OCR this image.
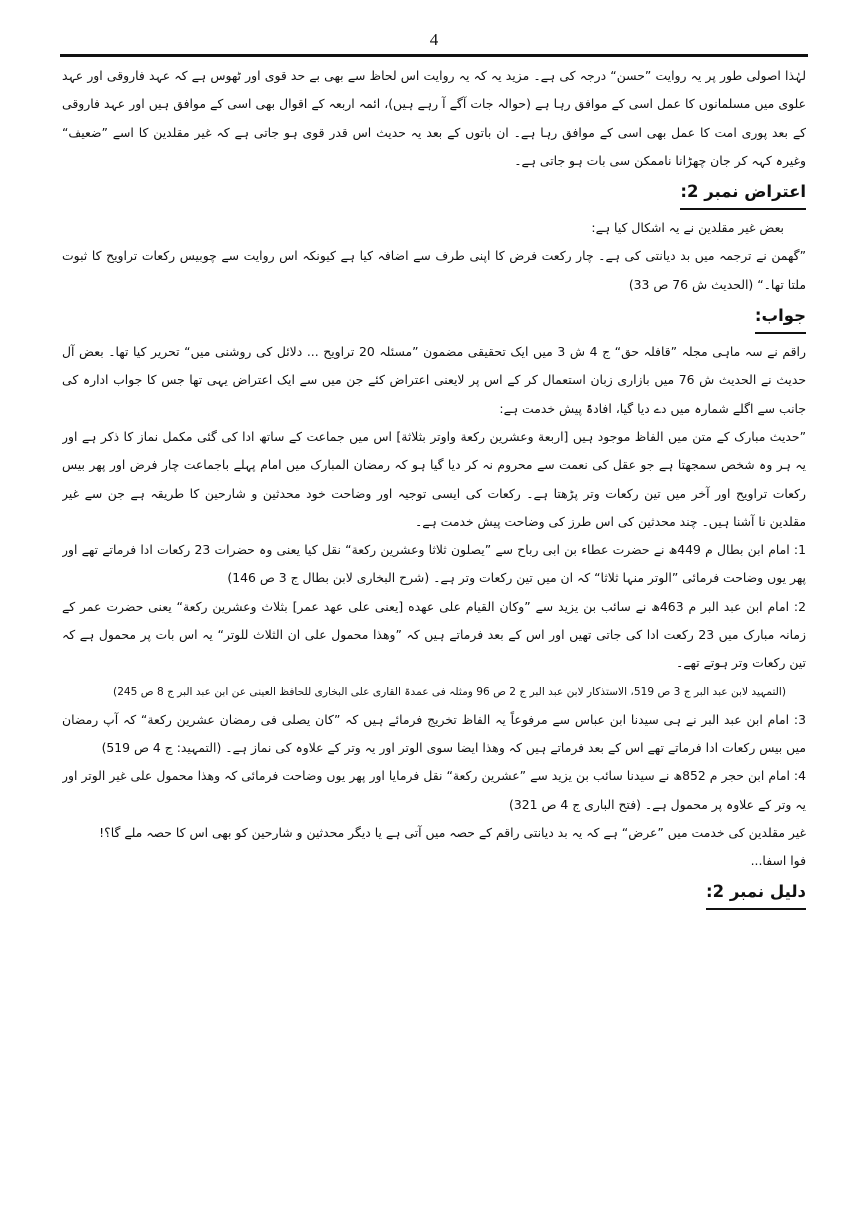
4

لہٰذا اصولی طور پر یہ روایت ”حسن“ درجہ کی ہے۔ مزید یہ کہ یہ روایت اس لحاظ سے بھی بے حد قوی اور ٹھوس ہے کہ عہد فاروقی اور عہد علوی میں مسلمانوں کا عمل اسی کے موافق رہا ہے (حوالہ جات آگے آ رہے ہیں)، ائمہ اربعہ کے اقوال بھی اسی کے موافق ہیں اور عہد فاروقی کے بعد پوری امت کا عمل بھی اسی کے موافق رہا ہے۔ ان باتوں کے بعد یہ حدیث اس قدر قوی ہو جاتی ہے کہ غیر مقلدین کا اسے ”ضعیف“ وغیرہ کہہ کر جان چھڑانا ناممکن سی بات ہو جاتی ہے۔

اعتراض نمبر 2:

بعض غیر مقلدین نے یہ اشکال کیا ہے:

”گھمن نے ترجمہ میں بد دیانتی کی ہے۔ چار رکعت فرض کا اپنی طرف سے اضافہ کیا ہے کیونکہ اس روایت سے چوبیس رکعات تراویح کا ثبوت ملتا تھا۔“ (الحدیث ش 76 ص 33)

جواب:

راقم نے سہ ماہی مجلہ ”قافلہ حق“ ج 4 ش 3 میں ایک تحقیقی مضمون ”مسئلہ 20 تراویح ... دلائل کی روشنی میں“ تحریر کیا تھا۔ بعض آل حدیث نے الحدیث ش 76 میں بازاری زبان استعمال کر کے اس پر لایعنی اعتراض کئے جن میں سے ایک اعتراض یہی تھا جس کا جواب ادارہ کی جانب سے اگلے شمارہ میں دے دیا گیا، افادۃً پیش خدمت ہے:

”حدیث مبارک کے متن میں الفاظ موجود ہیں [اربعة وعشرین رکعة واوتر بثلاثة] اس میں جماعت کے ساتھ ادا کی گئی مکمل نماز کا ذکر ہے اور یہ ہر وہ شخص سمجھتا ہے جو عقل کی نعمت سے محروم نہ کر دیا گیا ہو کہ رمضان المبارک میں امام پہلے باجماعت چار فرض اور پھر بیس رکعات تراویح اور آخر میں تین رکعات وتر پڑھتا ہے۔ رکعات کی ایسی توجیہ اور وضاحت خود محدثین و شارحین کا طریقہ ہے جن سے غیر مقلدین نا آشنا ہیں۔ چند محدثین کی اس طرز کی وضاحت پیش خدمت ہے۔

1: امام ابن بطال م 449ھ نے حضرت عطاء بن ابی رباح سے ”یصلون ثلاثا وعشرین رکعة“ نقل کیا یعنی وہ حضرات 23 رکعات ادا فرماتے تھے اور پھر یوں وضاحت فرمائی ”الوتر منہا ثلاثا“ کہ ان میں تین رکعات وتر ہے۔ (شرح البخاری لابن بطال ج 3 ص 146)

2: امام ابن عبد البر م 463ھ نے سائب بن یزید سے ”وکان القیام علی عهده [یعنی علی عهد عمر] بثلاث وعشرین رکعة“ یعنی حضرت عمر کے زمانہ مبارک میں 23 رکعت ادا کی جاتی تھیں اور اس کے بعد فرماتے ہیں کہ ”وهذا محمول علی ان الثلاث للوتر“ یہ اس بات پر محمول ہے کہ تین رکعات وتر ہوتے تھے۔

(التمہید لابن عبد البر ج 3 ص 519، الاستذکار لابن عبد البر ج 2 ص 96 ومثلہ فی عمدۃ القاری علی البخاری للحافظ العینی عن ابن عبد البر ج 8 ص 245)

3: امام ابن عبد البر نے ہی سیدنا ابن عباس سے مرفوعاً یہ الفاظ تخریج فرمائے ہیں کہ ”کان یصلی فی رمضان عشرین رکعة“ کہ آپ رمضان میں بیس رکعات ادا فرماتے تھے اس کے بعد فرماتے ہیں کہ وهذا ایضا سوی الوتر اور یہ وتر کے علاوہ کی نماز ہے۔ (التمہید: ج 4 ص 519)

4: امام ابن حجر م 852ھ نے سیدنا سائب بن یزید سے ”عشرین رکعة“ نقل فرمایا اور پھر یوں وضاحت فرمائی کہ وهذا محمول علی غیر الوتر اور یہ وتر کے علاوہ پر محمول ہے۔ (فتح الباری ج 4 ص 321)

غیر مقلدین کی خدمت میں ”عرض“ ہے کہ یہ بد دیانتی راقم کے حصہ میں آتی ہے یا دیگر محدثین و شارحین کو بھی اس کا حصہ ملے گا؟!

فوا اسفا...

دلیل نمبر 2:
